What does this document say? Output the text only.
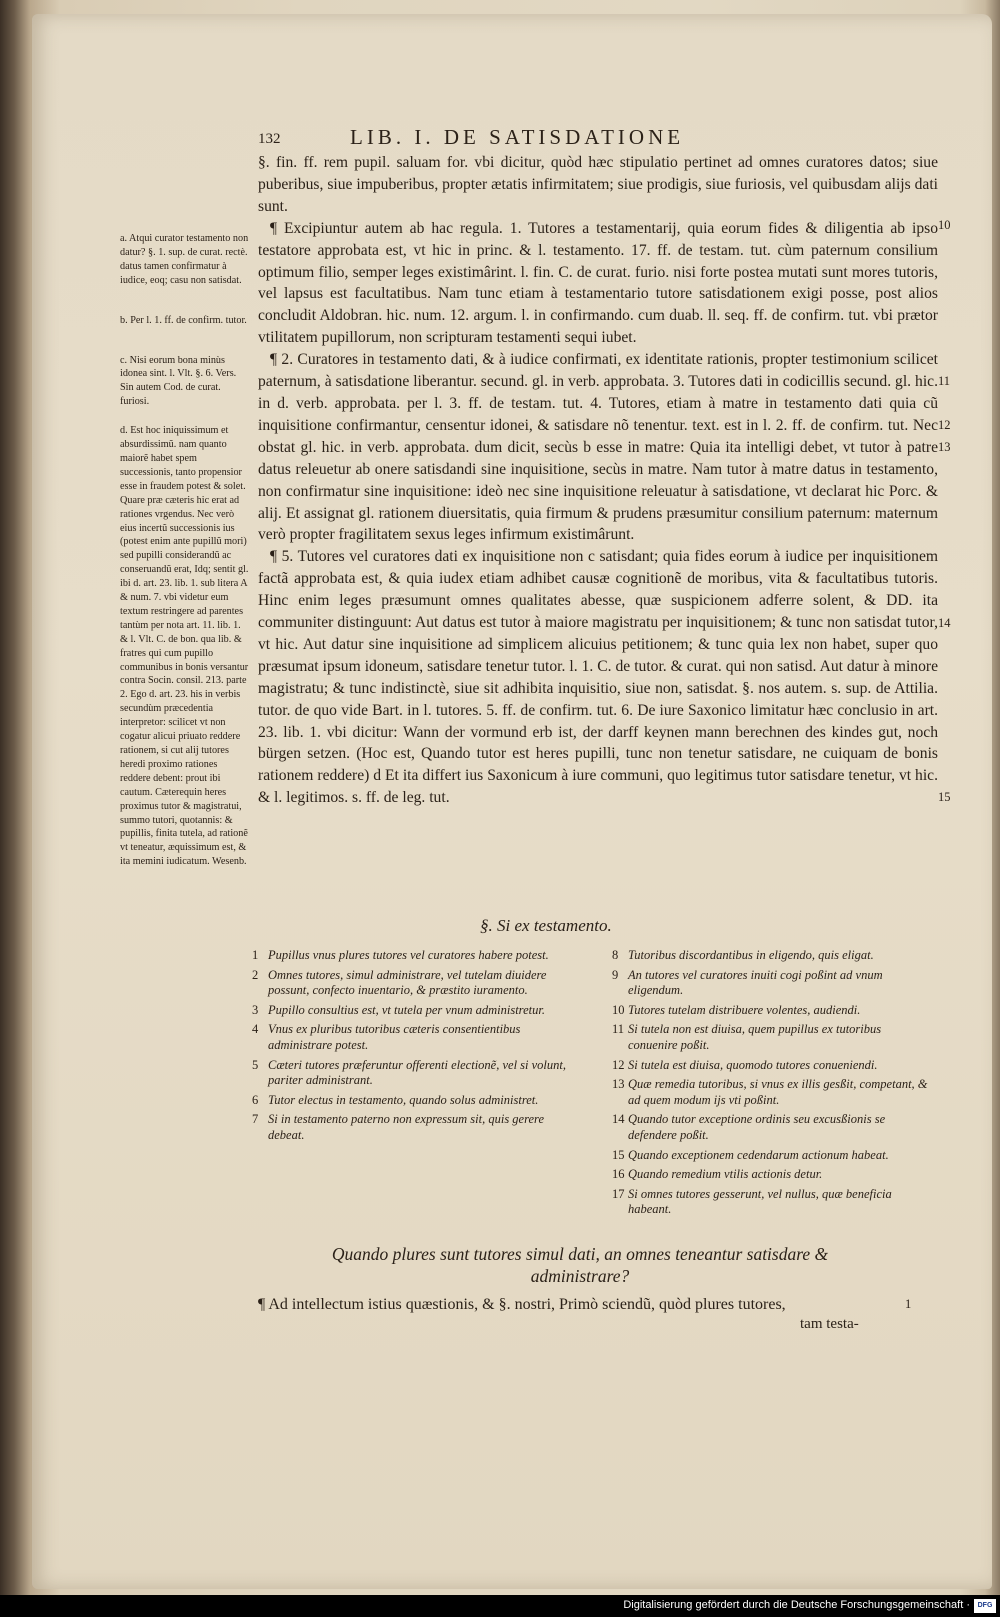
132	LIB. I. DE SATISDATIONE

§. fin. ff. rem pupil. saluam for. vbi dicitur, quòd hæc stipulatio pertinet ad omnes curatores datos; siue puberibus, siue impuberibus, propter ætatis infirmitatem; siue prodigis, siue furiosis, vel quibusdam alijs dati sunt.

¶ Excipiuntur autem ab hac regula. 1. Tutores a testamentarij, quia eorum fides & diligentia ab ipso testatore approbata est, vt hic in princ. & l. testamento. 17. ff. de testam. tut. cùm paternum consilium optimum filio, semper leges existimârint. l. fin. C. de curat. furio. nisi forte postea mutati sunt mores tutoris, vel lapsus est facultatibus. Nam tunc etiam à testamentario tutore satisdationem exigi posse, post alios concludit Aldobran. hic. num. 12. argum. l. in confirmando. cum duab. ll. seq. ff. de confirm. tut. vbi prætor vtilitatem pupillorum, non scripturam testamenti sequi iubet.

¶ 2. Curatores in testamento dati, & à iudice confirmati, ex identitate rationis, propter testimonium scilicet paternum, à satisdatione liberantur. secund. gl. in verb. approbata. 3. Tutores dati in codicillis secund. gl. hic. in d. verb. approbata. per l. 3. ff. de testam. tut. 4. Tutores, etiam à matre in testamento dati quia cũ inquisitione confirmantur, censentur idonei, & satisdare nõ tenentur. text. est in l. 2. ff. de confirm. tut. Nec obstat gl. hic. in verb. approbata. dum dicit, secùs b esse in matre: Quia ita intelligi debet, vt tutor à patre datus releuetur ab onere satisdandi sine inquisitione, secùs in matre. Nam tutor à matre datus in testamento, non confirmatur sine inquisitione: ideò nec sine inquisitione releuatur à satisdatione, vt declarat hic Porc. & alij. Et assignat gl. rationem diuersitatis, quia firmum & prudens præsumitur consilium paternum: maternum verò propter fragilitatem sexus leges infirmum existimârunt.

¶ 5. Tutores vel curatores dati ex inquisitione non c satisdant; quia fides eorum à iudice per inquisitionem factã approbata est, & quia iudex etiam adhibet causæ cognitionẽ de moribus, vita & facultatibus tutoris. Hinc enim leges præsumunt omnes qualitates abesse, quæ suspicionem adferre solent, & DD. ita communiter distinguunt: Aut datus est tutor à maiore magistratu per inquisitionem; & tunc non satisdat tutor, vt hic. Aut datur sine inquisitione ad simplicem alicuius petitionem; & tunc quia lex non habet, super quo præsumat ipsum idoneum, satisdare tenetur tutor. l. 1. C. de tutor. & curat. qui non satisd. Aut datur à minore magistratu; & tunc indistinctè, siue sit adhibita inquisitio, siue non, satisdat. §. nos autem. s. sup. de Attilia. tutor. de quo vide Bart. in l. tutores. 5. ff. de confirm. tut. 6. De iure Saxonico limitatur hæc conclusio in art. 23. lib. 1. vbi dicitur: Wann der vormund erb ist, der darff keynen mann berechnen des kindes gut, noch bürgen setzen. (Hoc est, Quando tutor est heres pupilli, tunc non tenetur satisdare, ne cuiquam de bonis rationem reddere) d Et ita differt ius Saxonicum à iure communi, quo legitimus tutor satisdare tenetur, vt hic. & l. legitimos. s. ff. de leg. tut.

a. Atqui curator testamento non datur? §. 1. sup. de curat. rectè. datus tamen confirmatur à iudice, eoq; casu non satisdat.

b. Per l. 1. ff. de confirm. tutor.

c. Nisi eorum bona minùs idonea sint. l. Vlt. §. 6. Vers. Sin autem Cod. de curat. furiosi.

d. Est hoc iniquissimum et absurdissimũ. nam quanto maiorẽ habet spem successionis, tanto propensior esse in fraudem potest & solet. Quare præ cæteris hic erat ad rationes vrgendus. Nec verò eius incertũ successionis ius (potest enim ante pupillũ mori) sed pupilli considerandũ ac conseruandũ erat, Idq; sentit gl. ibi d. art. 23. lib. 1. sub litera A & num. 7. vbi videtur eum textum restringere ad parentes tantùm per nota art. 11. lib. 1. & l. Vlt. C. de bon. qua lib. & fratres qui cum pupillo communibus in bonis versantur contra Socin. consil. 213. parte 2. Ego d. art. 23. his in verbis secundùm præcedentia interpretor: scilicet vt non cogatur alicui priuato reddere rationem, si cut alij tutores heredi proximo rationes reddere debent: prout ibi cautum. Cæterequin heres proximus tutor & magistratui, summo tutori, quotannis: & pupillis, finita tutela, ad rationẽ vt teneatur, æquissimum est, & ita memini iudicatum. Wesenb.

10
11
12
13
14
15
§. Si ex testamento.
1 Pupillus vnus plures tutores vel curatores habere potest.
2 Omnes tutores, simul administrare, vel tutelam diuidere possunt, confecto inuentario, & præstito iuramento.
3 Pupillo consultius est, vt tutela per vnum administretur.
4 Vnus ex pluribus tutoribus cæteris consentientibus administrare potest.
5 Cæteri tutores præferuntur offerenti electionẽ, vel si volunt, pariter administrant.
6 Tutor electus in testamento, quando solus administret.
7 Si in testamento paterno non expressum sit, quis gerere debeat.
8 Tutoribus discordantibus in eligendo, quis eligat.
9 An tutores vel curatores inuiti cogi poßint ad vnum eligendum.
10 Tutores tutelam distribuere volentes, audiendi.
11 Si tutela non est diuisa, quem pupillus ex tutoribus conuenire poßit.
12 Si tutela est diuisa, quomodo tutores conueniendi.
13 Quæ remedia tutoribus, si vnus ex illis gesßit, competant, & ad quem modum ijs vti poßint.
14 Quando tutor exceptione ordinis seu excusßionis se defendere poßit.
15 Quando exceptionem cedendarum actionum habeat.
16 Quando remedium vtilis actionis detur.
17 Si omnes tutores gesserunt, vel nullus, quæ beneficia habeant.
Quando plures sunt tutores simul dati, an omnes teneantur satisdare & administrare?
¶ Ad intellectum istius quæstionis, & §. nostri, Primò sciendũ, quòd plures tutores,	1
tam testa-
Digitalisierung gefördert durch die Deutsche Forschungsgemeinschaft ·	DFG
